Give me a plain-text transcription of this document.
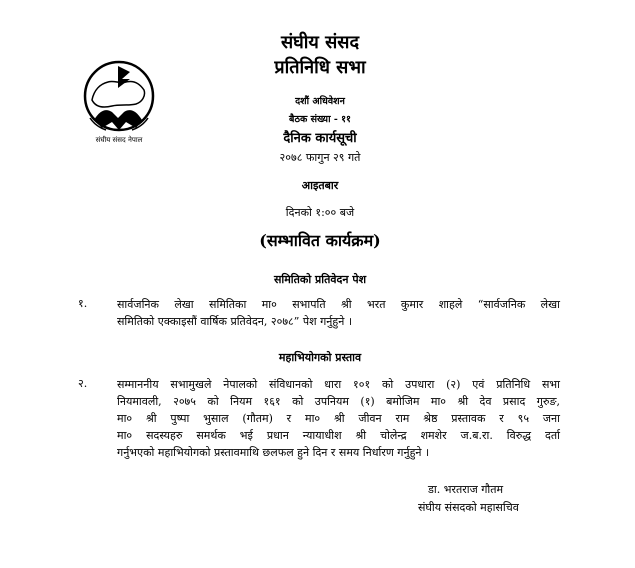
संघीय संसद नेपाल
संघीय संसद
प्रतिनिधि सभा
दशौं अधिवेशन
बैठक संख्या - ११
दैनिक कार्यसूची
२०७८ फागुन २९ गते
आइतबार
दिनको १:०० बजे
(सम्भावित कार्यक्रम)
समितिको प्रतिवेदन पेश
१.	सार्वजनिक लेखा समितिका मा० सभापति श्री भरत कुमार शाहले “सार्वजनिक लेखा
समितिको एक्काइसौं वार्षिक प्रतिवेदन, २०७८” पेश गर्नुहुने ।
महाभियोगको प्रस्ताव
२.	सम्माननीय सभामुखले नेपालको संविधानको धारा १०१ को उपधारा (२) एवं प्रतिनिधि सभा
नियमावली, २०७५ को नियम १६१ को उपनियम (१) बमोजिम मा० श्री देव प्रसाद गुरुङ,
मा० श्री पुष्पा भुसाल (गौतम) र मा० श्री जीवन राम श्रेष्ठ प्रस्तावक र ९५ जना
मा० सदस्यहरु समर्थक भई प्रधान न्यायाधीश श्री चोलेन्द्र शमशेर ज.ब.रा. विरुद्ध दर्ता
गर्नुभएको महाभियोगको प्रस्तावमाथि छलफल हुने दिन र समय निर्धारण गर्नुहुने ।
डा. भरतराज गौतम
संघीय संसदको महासचिव
